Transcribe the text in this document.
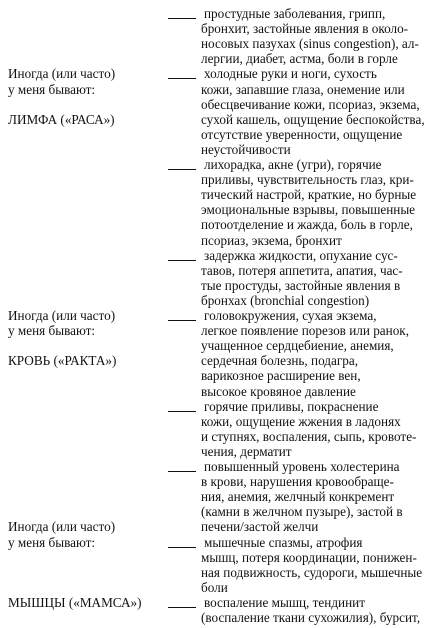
Иногда (или часто)
у меня бывают:
ЛИМФА («РАСА»)
Иногда (или часто)
у меня бывают:
КРОВЬ («РАКТА»)
Иногда (или часто)
у меня бывают:
МЫШЦЫ («МАМСА»)
простудные заболевания, грипп,
бронхит, застойные явления в околo-
носовых пазухах (sinus congestion), ал-
лергии, диабет, астма, боли в горле
холодные руки и ноги, сухость
кожи, запавшие глаза, онемение или
обесцвечивание кожи, псориаз, экзема,
сухой кашель, ощущение беспокойства,
отсутствие уверенности, ощущение
неустойчивости
лихорадка, акне (угри), горячие
приливы, чувствительность глаз, кри-
тический настрой, краткие, но бурные
эмоциональные взрывы, повышенные
потоотделение и жажда, боль в горле,
псориаз, экзема, бронхит
задержка жидкости, опухание сус-
тавов, потеря аппетита, апатия, час-
тые простуды, застойные явления в
бронхах (bronchial congestion)
головокружения, сухая экзема,
легкое появление порезов или ранок,
учащенное сердцебиение, анемия,
сердечная болезнь, подагра,
варикозное расширение вен,
высокое кровяное давление
горячие приливы, покраснение
кожи, ощущение жжения в ладонях
и ступнях, воспаления, сыпь, кровоте-
чения, дерматит
повышенный уровень холестерина
в крови, нарушения кровообраще-
ния, анемия, желчный конкремент
(камни в желчном пузыре), застой в
печени/застой желчи
мышечные спазмы, атрофия
мышц, потеря координации, понижен-
ная подвижность, судороги, мышечные
боли
воспаление мышц, тендинит
(воспаление ткани сухожилия), бурсит,
